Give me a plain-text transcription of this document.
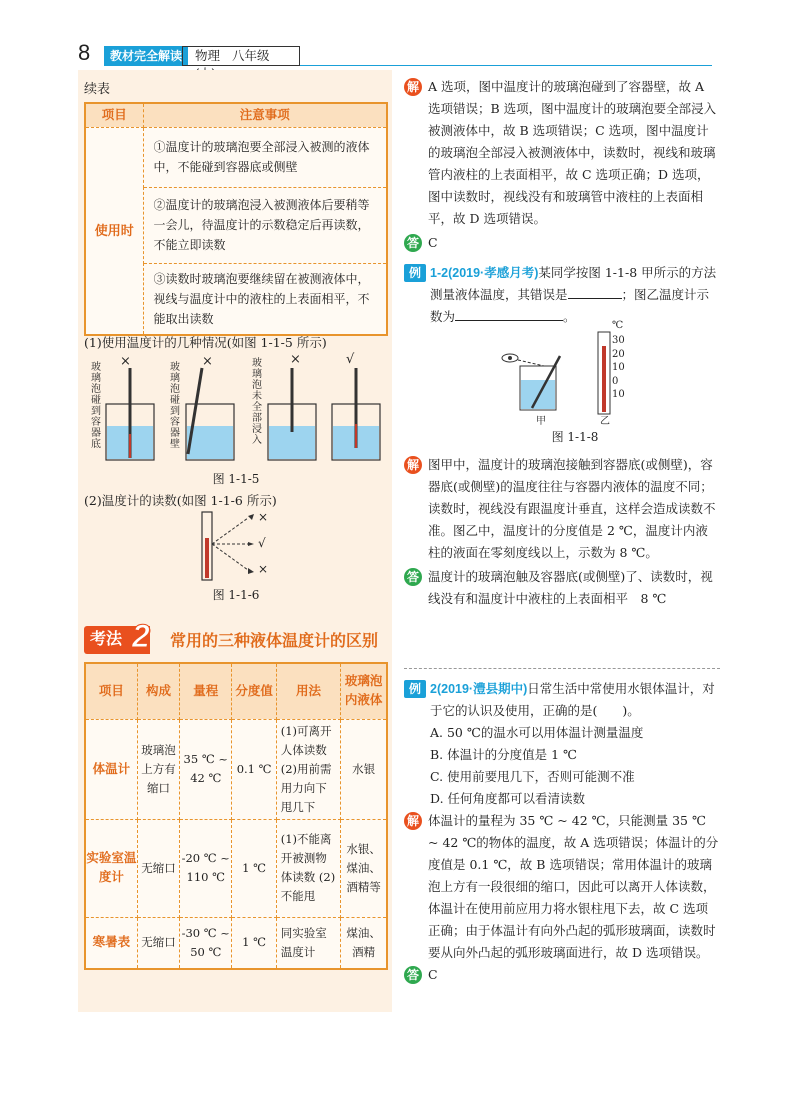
8	教材完全解读	物理 八年级
续表
项目	注意事项
使用时	①温度计的玻璃泡要全部浸入被测的液体中，不能碰到容器底或侧壁
	②温度计的玻璃泡浸入被测液体后要稍等一会儿，待温度计的示数稳定后再读数，不能立即读数
	③读数时玻璃泡要继续留在被测液体中，视线与温度计中的液柱的上表面相平，不能取出读数
(1)使用温度计的几种情况(如图 1-1-5 所示)
玻璃泡碰到容器底
玻璃泡碰到容器壁
玻璃泡未全部浸入
×	×	×	√
图 1-1-5
(2)温度计的读数(如图 1-1-6 所示)
×
√
×
图 1-1-6
考法 2 常用的三种液体温度计的区别
项目	构成	量程	分度值	用法	玻璃泡内液体
体温计	玻璃泡上方有缩口	35 ℃ ~ 42 ℃	0.1 ℃	(1)可离开人体读数 (2)用前需用力向下甩几下	水银
实验室温度计	无缩口	-20 ℃ ~ 110 ℃	1 ℃	(1)不能离开被测物体读数 (2)不能甩	水银、煤油、酒精等
寒暑表	无缩口	-30 ℃ ~ 50 ℃	1 ℃	同实验室温度计	煤油、酒精
解 A 选项，图中温度计的玻璃泡碰到了容器壁，故 A 选项错误；B 选项，图中温度计的玻璃泡要全部浸入被测液体中，故 B 选项错误；C 选项，图中温度计的玻璃泡全部浸入被测液体中，读数时，视线和玻璃管内液柱的上表面相平，故 C 选项正确；D 选项，图中读数时，视线没有和玻璃管中液柱的上表面相平，故 D 选项错误。
答 C
例 1-2(2019·孝感月考)某同学按图 1-1-8 甲所示的方法测量液体温度，其错误是	；图乙温度计示数为	。
℃
30
20
10
0
10
甲	乙
图 1-1-8
解 图甲中，温度计的玻璃泡接触到容器底(或侧壁)，容器底(或侧壁)的温度往往与容器内液体的温度不同；读数时，视线没有跟温度计垂直，这样会造成读数不准。图乙中，温度计的分度值是 2 ℃，温度计内液柱的液面在零刻度线以上，示数为 8 ℃。
答 温度计的玻璃泡触及容器底(或侧壁)了、读数时，视线没有和温度计中液柱的上表面相平　8 ℃
例 2(2019·澧县期中)日常生活中常使用水银体温计，对于它的认识及使用，正确的是(　　)。
A. 50 ℃的温水可以用体温计测量温度
B. 体温计的分度值是 1 ℃
C. 使用前要甩几下，否则可能测不准
D. 任何角度都可以看清读数
解 体温计的量程为 35 ℃ ~ 42 ℃，只能测量 35 ℃ ~ 42 ℃的物体的温度，故 A 选项错误；体温计的分度值是 0.1 ℃，故 B 选项错误；常用体温计的玻璃泡上方有一段很细的缩口，因此可以离开人体读数，体温计在使用前应用力将水银柱甩下去，故 C 选项正确；由于体温计有向外凸起的弧形玻璃面，读数时要从向外凸起的弧形玻璃面进行，故 D 选项错误。
答 C
